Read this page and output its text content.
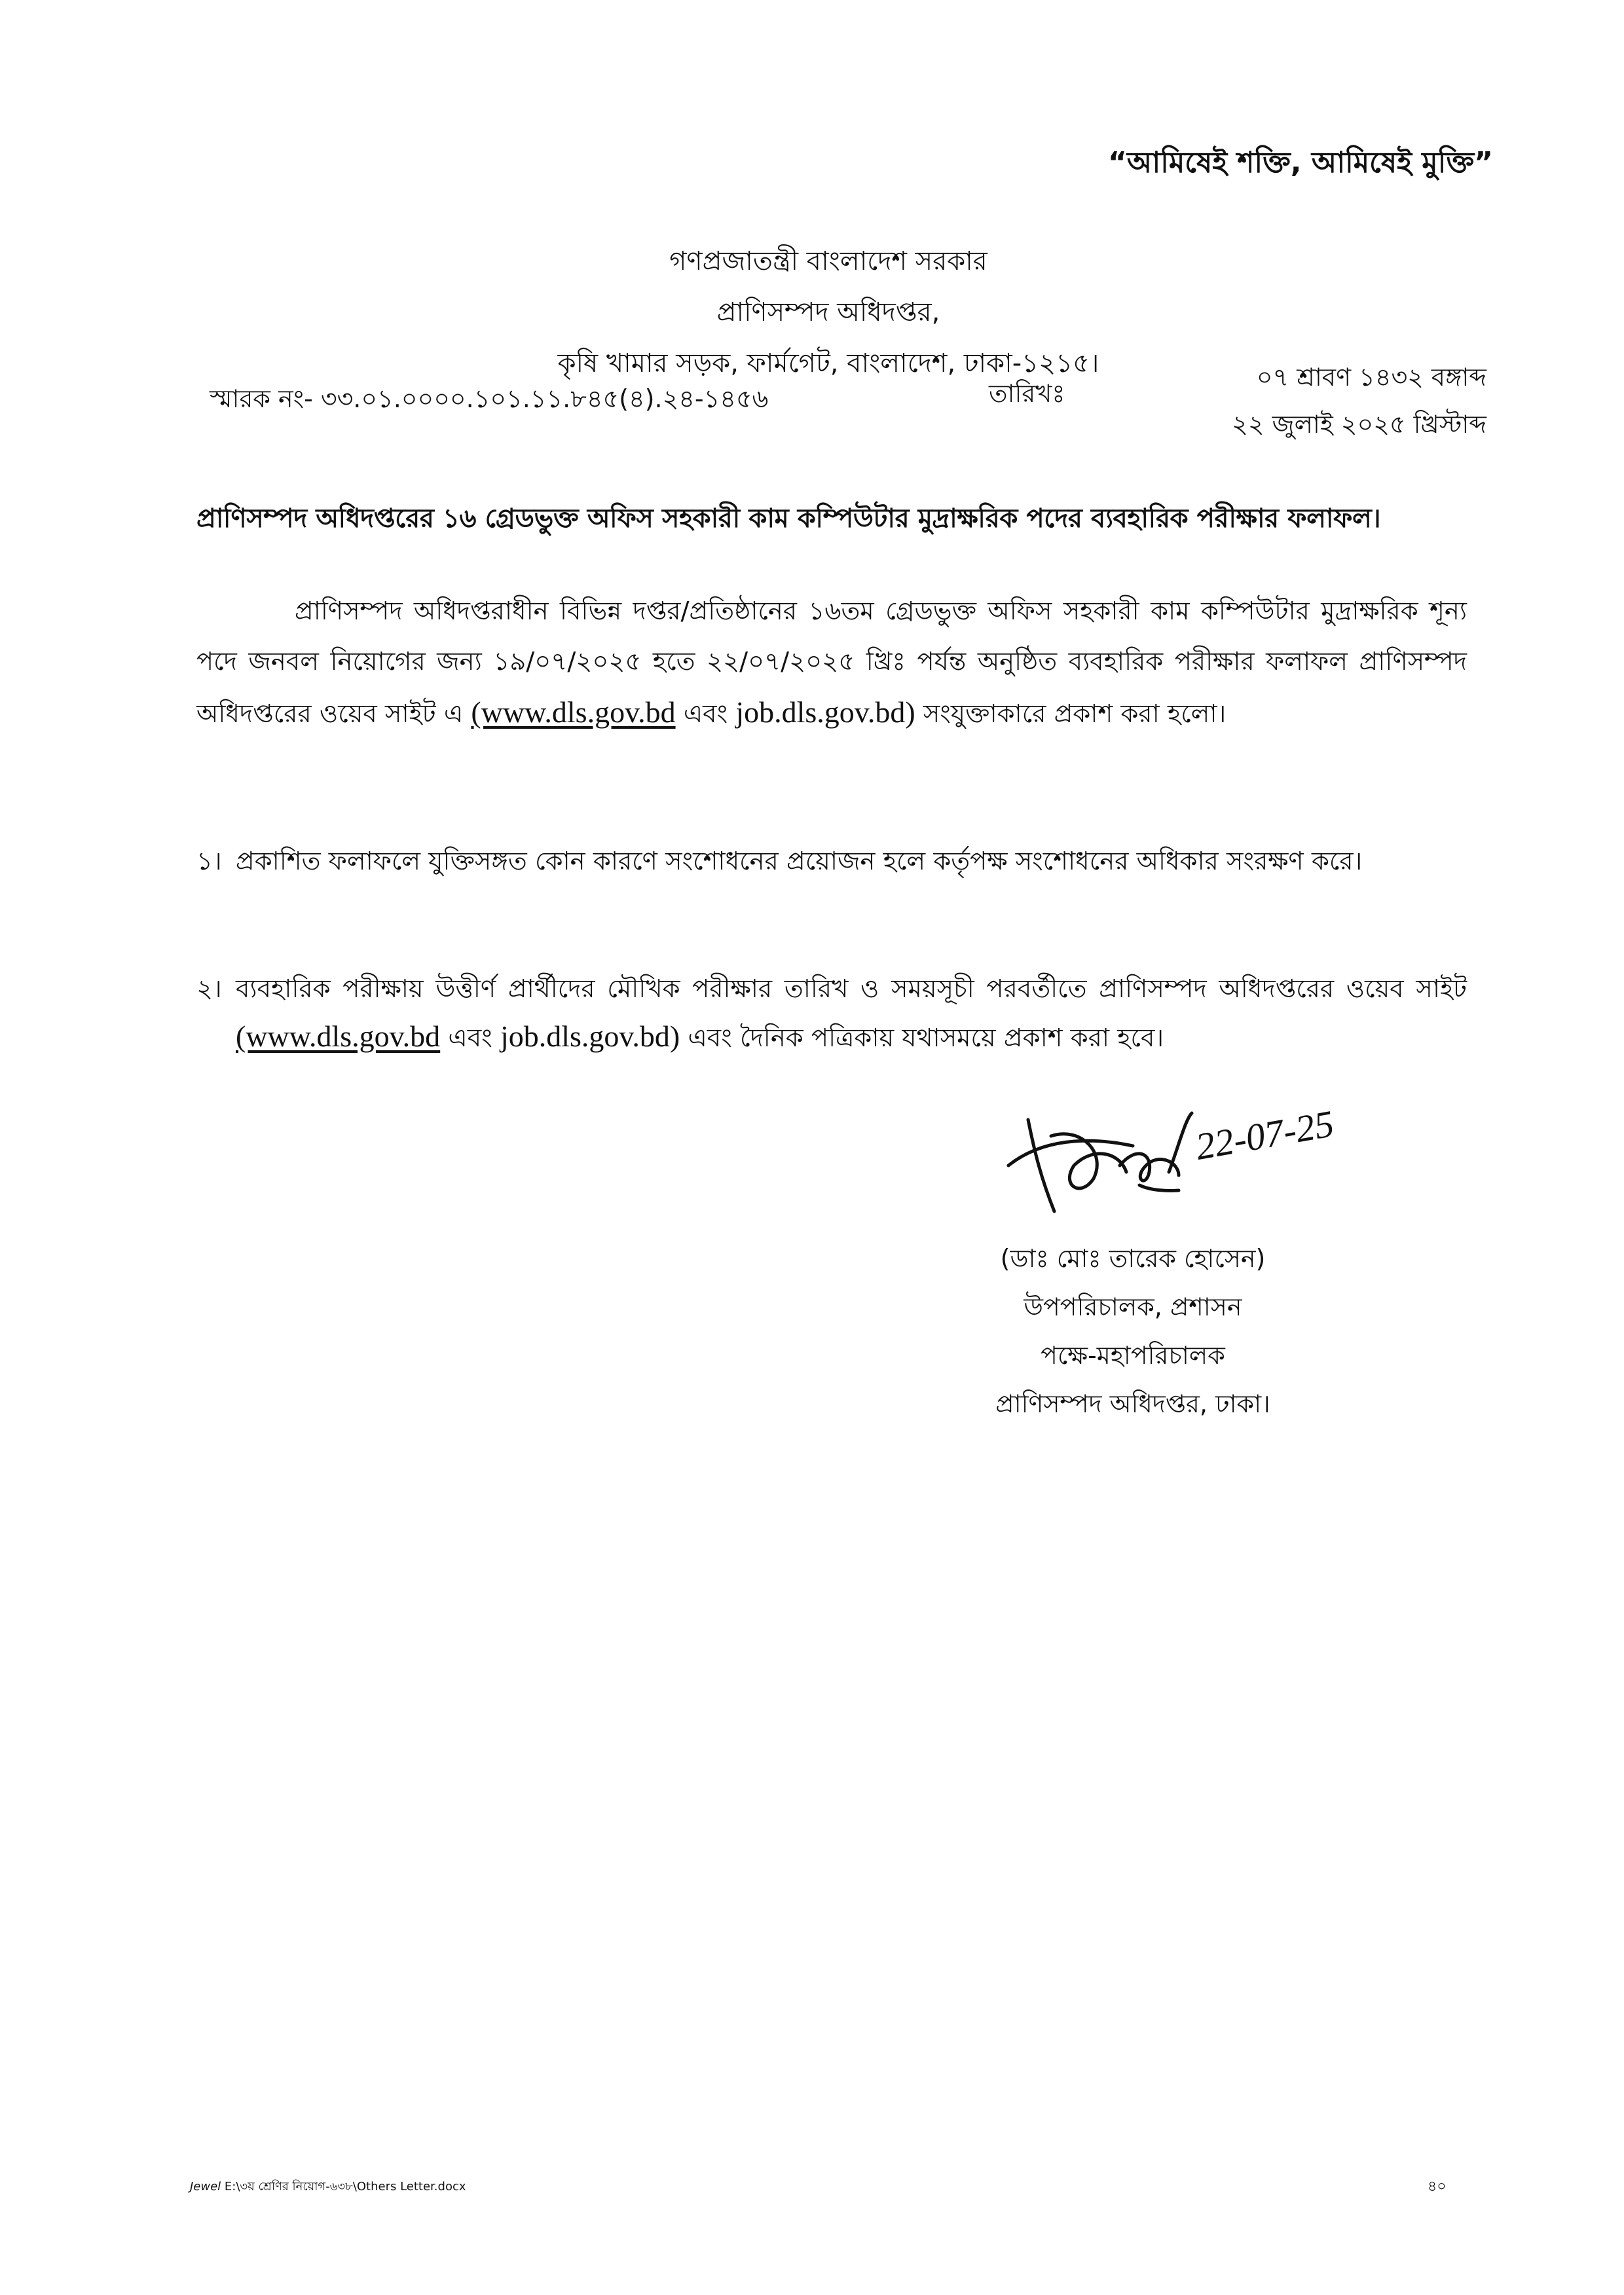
“আমিষেই শক্তি, আমিষেই মুক্তি”
গণপ্রজাতন্ত্রী বাংলাদেশ সরকার
প্রাণিসম্পদ অধিদপ্তর,
কৃষি খামার সড়ক, ফার্মগেট, বাংলাদেশ, ঢাকা-১২১৫।
স্মারক নং- ৩৩.০১.০০০০.১০১.১১.৮৪৫(৪).২৪-১৪৫৬	তারিখঃ
০৭ শ্রাবণ ১৪৩২ বঙ্গাব্দ
২২ জুলাই ২০২৫ খ্রিস্টাব্দ
প্রাণিসম্পদ অধিদপ্তরের ১৬ গ্রেডভুক্ত অফিস সহকারী কাম কম্পিউটার মুদ্রাক্ষরিক পদের ব্যবহারিক পরীক্ষার ফলাফল।
প্রাণিসম্পদ অধিদপ্তরাধীন বিভিন্ন দপ্তর/প্রতিষ্ঠানের ১৬তম গ্রেডভুক্ত অফিস সহকারী কাম কম্পিউটার মুদ্রাক্ষরিক শূন্য পদে জনবল নিয়োগের জন্য ১৯/০৭/২০২৫ হতে ২২/০৭/২০২৫ খ্রিঃ পর্যন্ত অনুষ্ঠিত ব্যবহারিক পরীক্ষার ফলাফল প্রাণিসম্পদ অধিদপ্তরের ওয়েব সাইট এ (www.dls.gov.bd এবং job.dls.gov.bd) সংযুক্তাকারে প্রকাশ করা হলো।
১। প্রকাশিত ফলাফলে যুক্তিসঙ্গত কোন কারণে সংশোধনের প্রয়োজন হলে কর্তৃপক্ষ সংশোধনের অধিকার সংরক্ষণ করে।
২। ব্যবহারিক পরীক্ষায় উত্তীর্ণ প্রার্থীদের মৌখিক পরীক্ষার তারিখ ও সময়সূচী পরবর্তীতে প্রাণিসম্পদ অধিদপ্তরের ওয়েব সাইট (www.dls.gov.bd এবং job.dls.gov.bd) এবং দৈনিক পত্রিকায় যথাসময়ে প্রকাশ করা হবে।
22-07-25
(ডাঃ মোঃ তারেক হোসেন)
উপপরিচালক, প্রশাসন
পক্ষে-মহাপরিচালক
প্রাণিসম্পদ অধিদপ্তর, ঢাকা।
Jewel E:\৩য় শ্রেণির নিয়োগ-৬৩৮\Others Letter.docx	৪০
